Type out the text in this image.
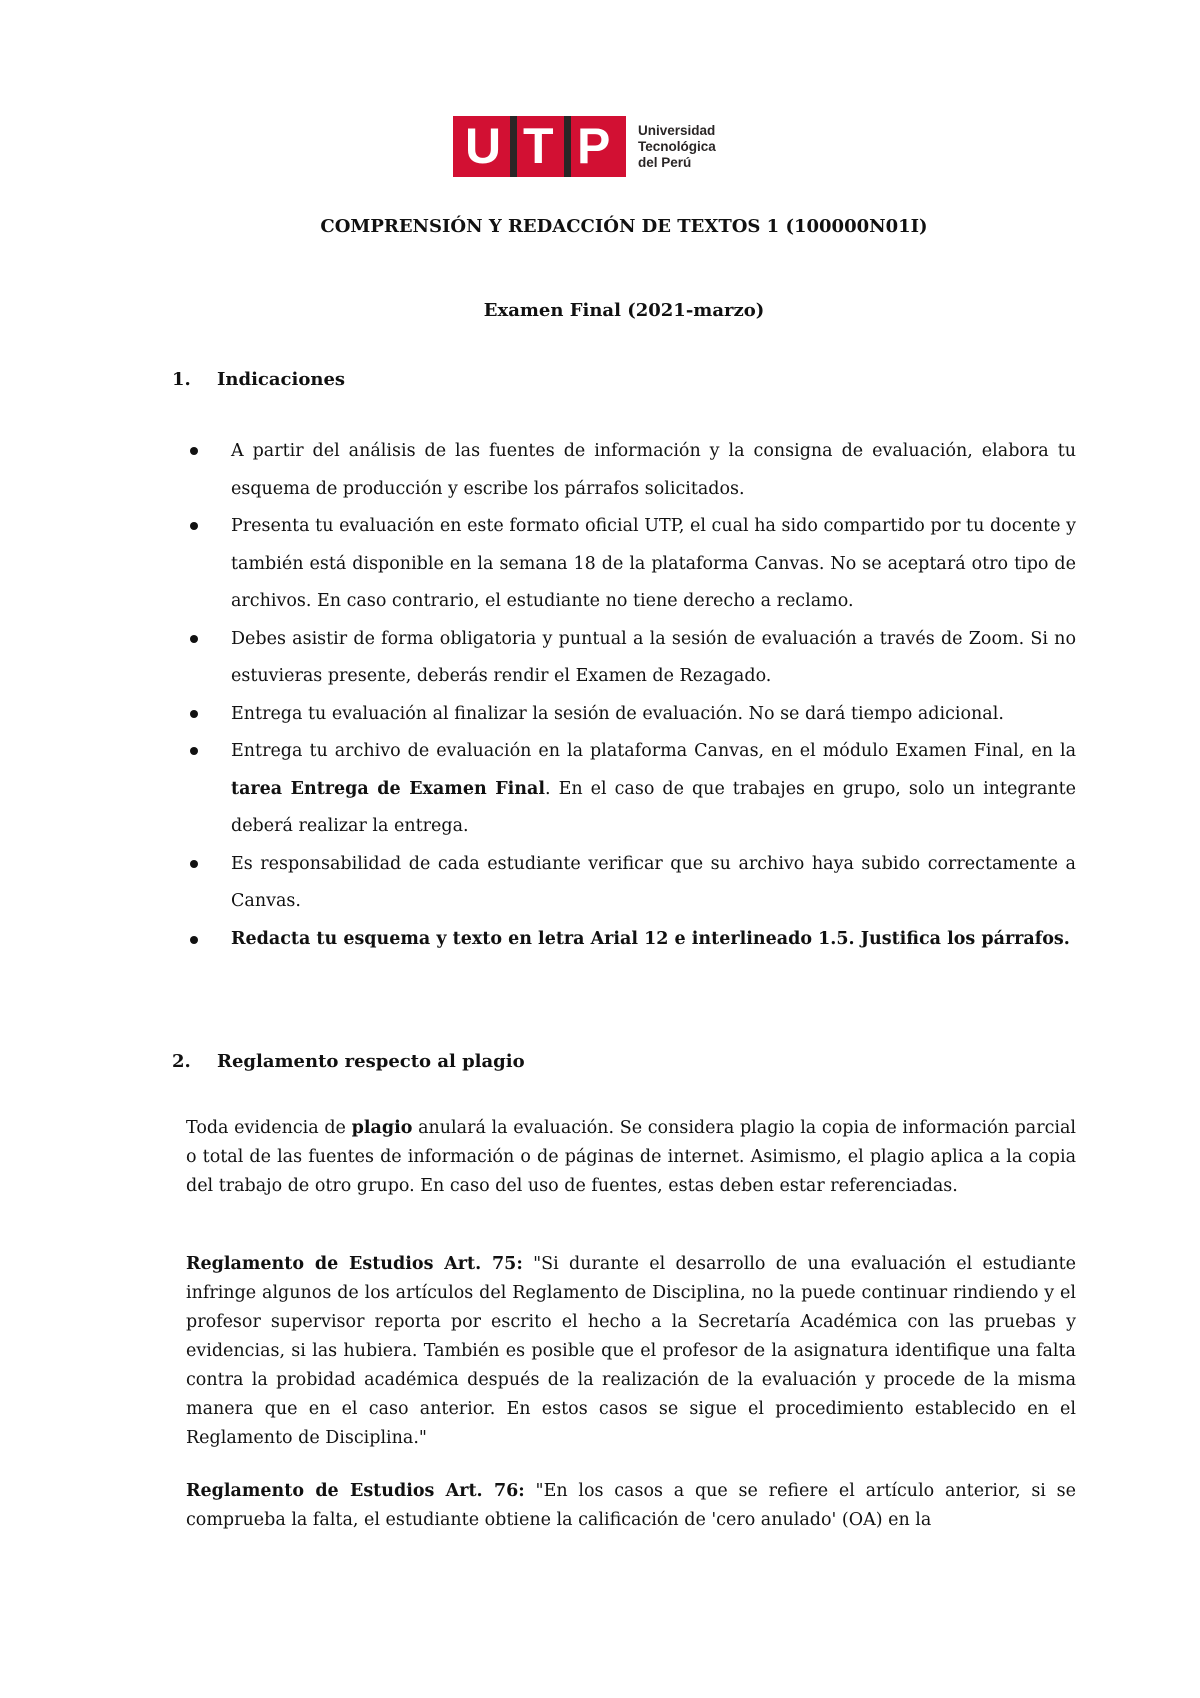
U T P Universidad
Tecnológica
del Perú
COMPRENSIÓN Y REDACCIÓN DE TEXTOS 1 (100000N01I)
Examen Final (2021-marzo)
1.	Indicaciones
A partir del análisis de las fuentes de información y la consigna de evaluación, elabora tu esquema de producción y escribe los párrafos solicitados.
Presenta tu evaluación en este formato oficial UTP, el cual ha sido compartido por tu docente y también está disponible en la semana 18 de la plataforma Canvas. No se aceptará otro tipo de archivos. En caso contrario, el estudiante no tiene derecho a reclamo.
Debes asistir de forma obligatoria y puntual a la sesión de evaluación a través de Zoom. Si no estuvieras presente, deberás rendir el Examen de Rezagado.
Entrega tu evaluación al finalizar la sesión de evaluación. No se dará tiempo adicional.
Entrega tu archivo de evaluación en la plataforma Canvas, en el módulo Examen Final, en la tarea Entrega de Examen Final. En el caso de que trabajes en grupo, solo un integrante deberá realizar la entrega.
Es responsabilidad de cada estudiante verificar que su archivo haya subido correctamente a Canvas.
Redacta tu esquema y texto en letra Arial 12 e interlineado 1.5. Justifica los párrafos.
2.	Reglamento respecto al plagio

Toda evidencia de plagio anulará la evaluación. Se considera plagio la copia de información parcial o total de las fuentes de información o de páginas de internet. Asimismo, el plagio aplica a la copia del trabajo de otro grupo. En caso del uso de fuentes, estas deben estar referenciadas.

Reglamento de Estudios Art. 75: "Si durante el desarrollo de una evaluación el estudiante infringe algunos de los artículos del Reglamento de Disciplina, no la puede continuar rindiendo y el profesor supervisor reporta por escrito el hecho a la Secretaría Académica con las pruebas y evidencias, si las hubiera. También es posible que el profesor de la asignatura identifique una falta contra la probidad académica después de la realización de la evaluación y procede de la misma manera que en el caso anterior. En estos casos se sigue el procedimiento establecido en el Reglamento de Disciplina."

Reglamento de Estudios Art. 76: "En los casos a que se refiere el artículo anterior, si se comprueba la falta, el estudiante obtiene la calificación de 'cero anulado' (OA) en la
